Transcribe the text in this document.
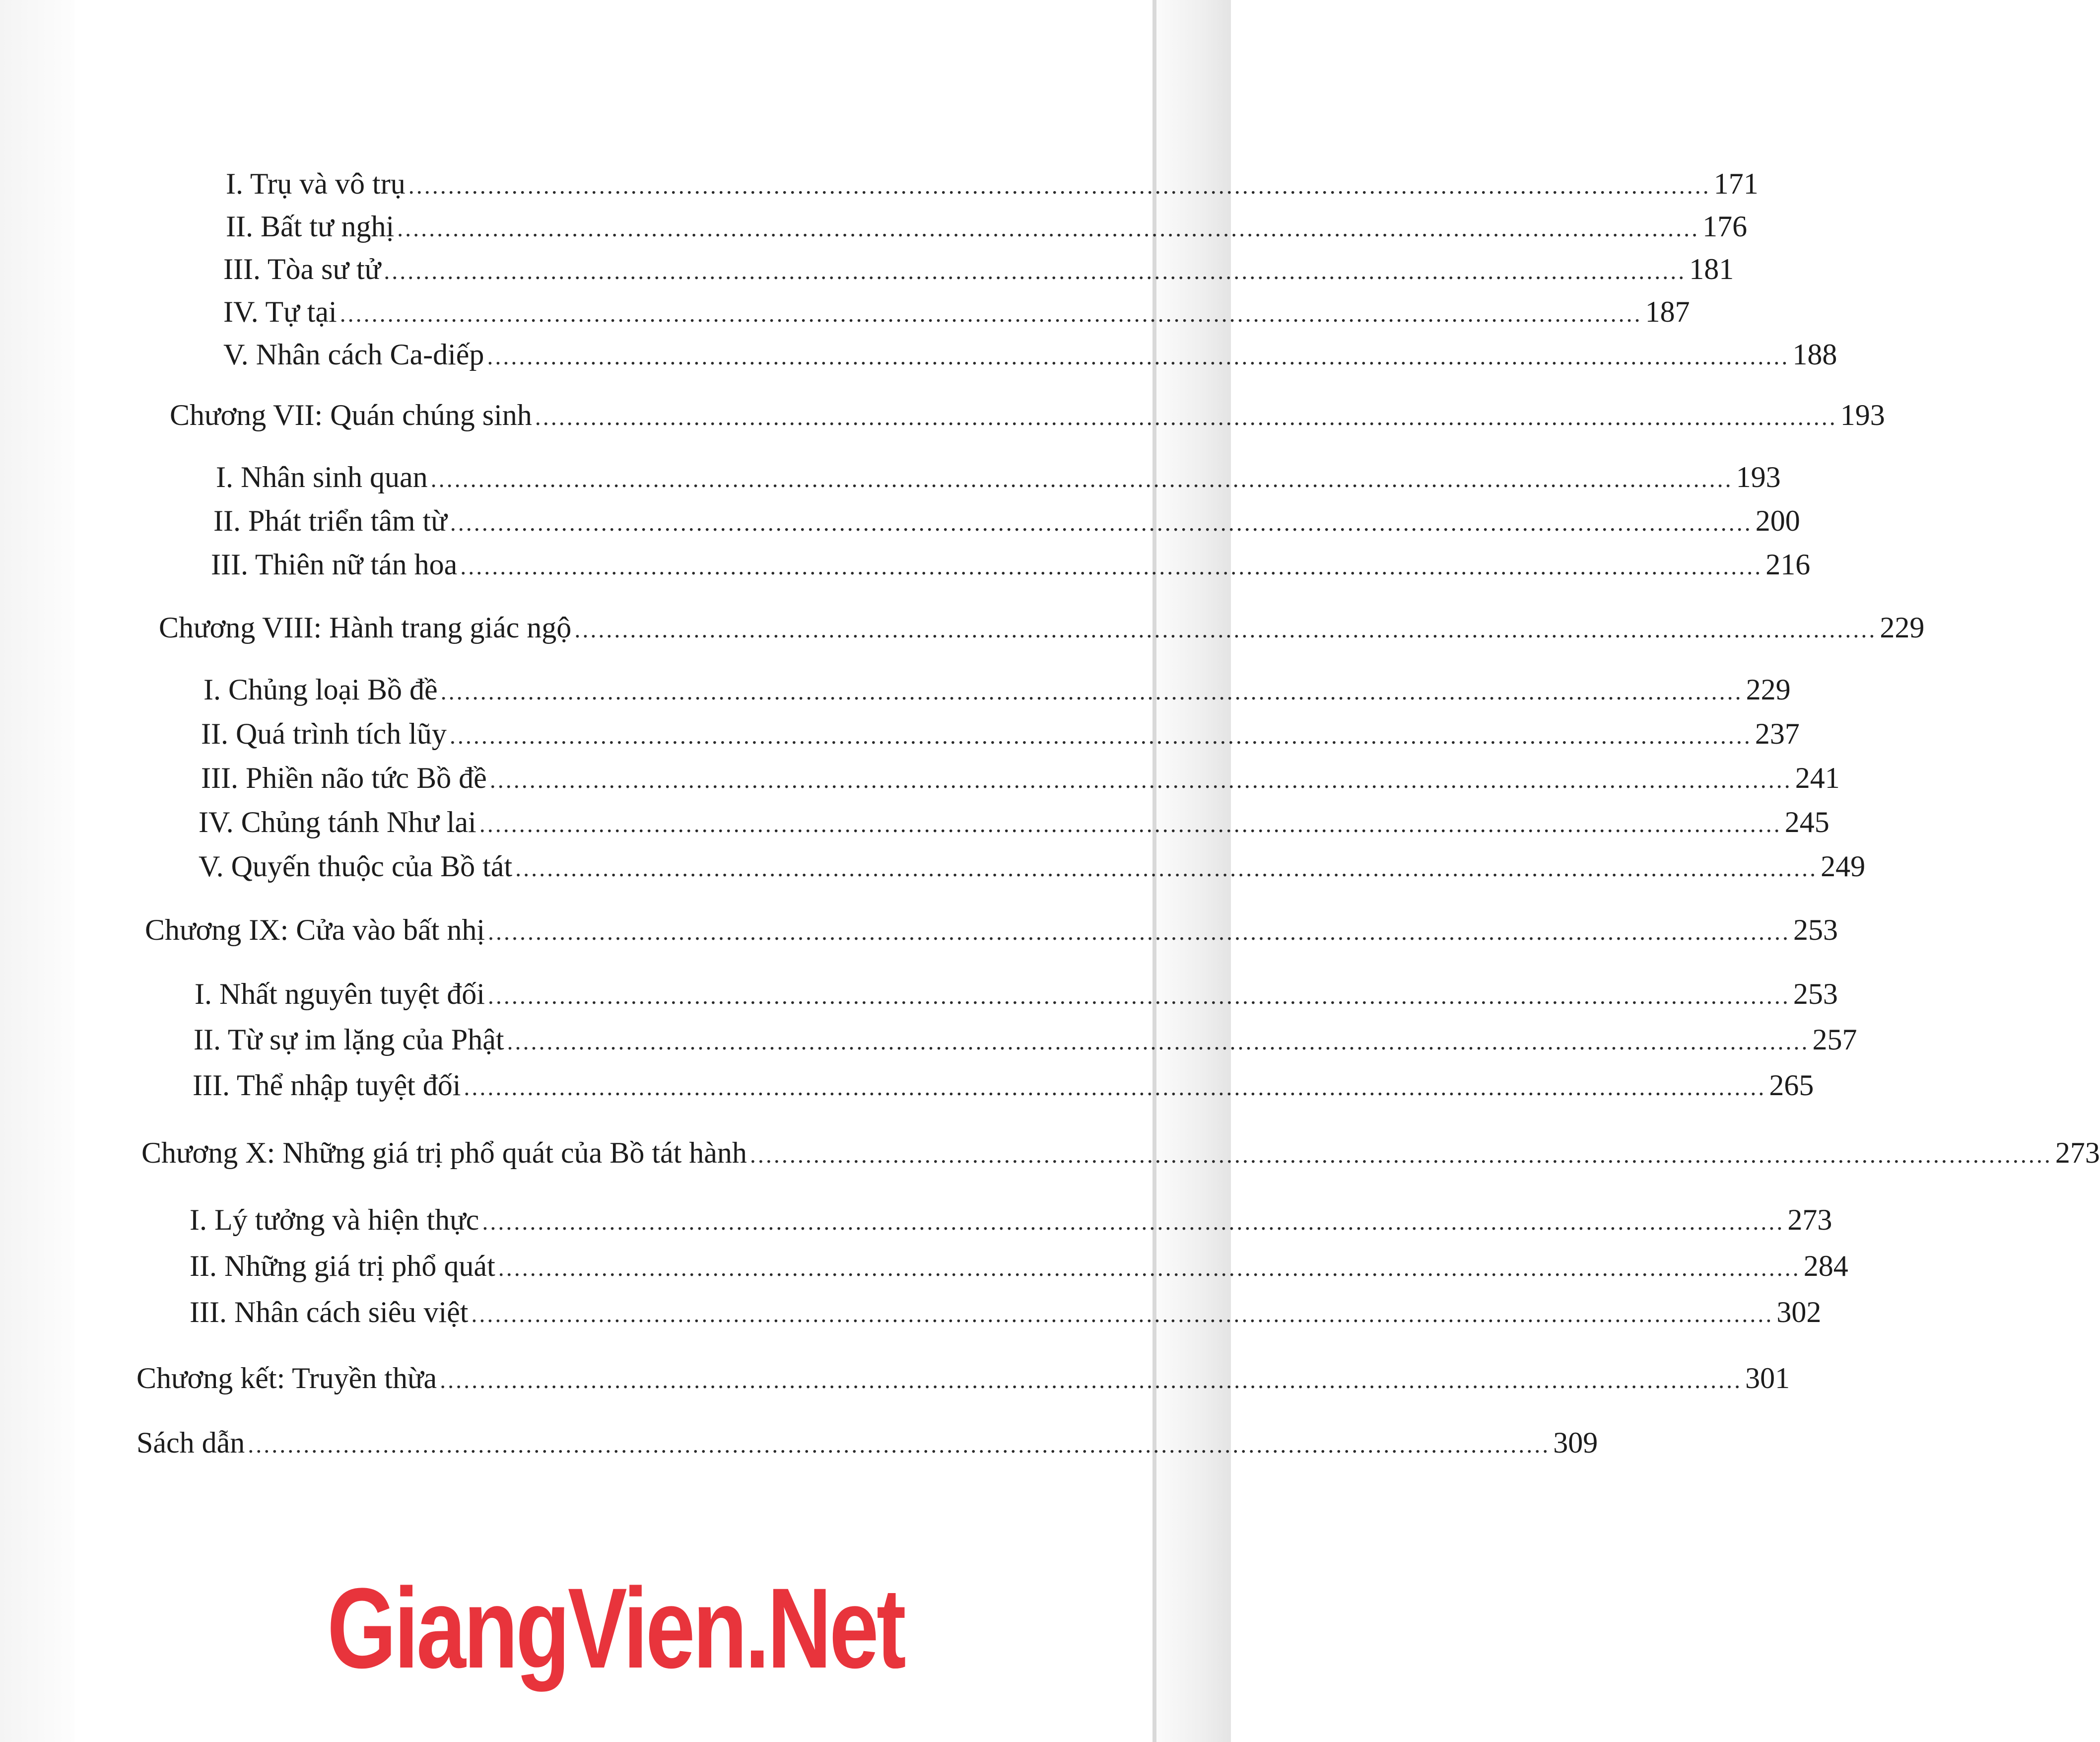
I. Trụ và vô trụ .................................................................................................................................................................... 171
II. Bất tư nghị .................................................................................................................................................................... 176
III. Tòa sư tử .................................................................................................................................................................... 181
IV. Tự tại .................................................................................................................................................................... 187
V. Nhân cách Ca-diếp .................................................................................................................................................................... 188
Chương VII: Quán chúng sinh .................................................................................................................................................................... 193
I. Nhân sinh quan .................................................................................................................................................................... 193
II. Phát triển tâm từ .................................................................................................................................................................... 200
III. Thiên nữ tán hoa .................................................................................................................................................................... 216
Chương VIII: Hành trang giác ngộ .................................................................................................................................................................... 229
I. Chủng loại Bồ đề .................................................................................................................................................................... 229
II. Quá trình tích lũy .................................................................................................................................................................... 237
III. Phiền não tức Bồ đề .................................................................................................................................................................... 241
IV. Chủng tánh Như lai .................................................................................................................................................................... 245
V. Quyến thuộc của Bồ tát .................................................................................................................................................................... 249
Chương IX: Cửa vào bất nhị .................................................................................................................................................................... 253
I. Nhất nguyên tuyệt đối .................................................................................................................................................................... 253
II. Từ sự im lặng của Phật .................................................................................................................................................................... 257
III. Thể nhập tuyệt đối .................................................................................................................................................................... 265
Chương X: Những giá trị phổ quát của Bồ tát hành .................................................................................................................................................................... 273
I. Lý tưởng và hiện thực .................................................................................................................................................................... 273
II. Những giá trị phổ quát .................................................................................................................................................................... 284
III. Nhân cách siêu việt .................................................................................................................................................................... 302
Chương kết: Truyền thừa .................................................................................................................................................................... 301
Sách dẫn .................................................................................................................................................................... 309
GiangVien.Net
